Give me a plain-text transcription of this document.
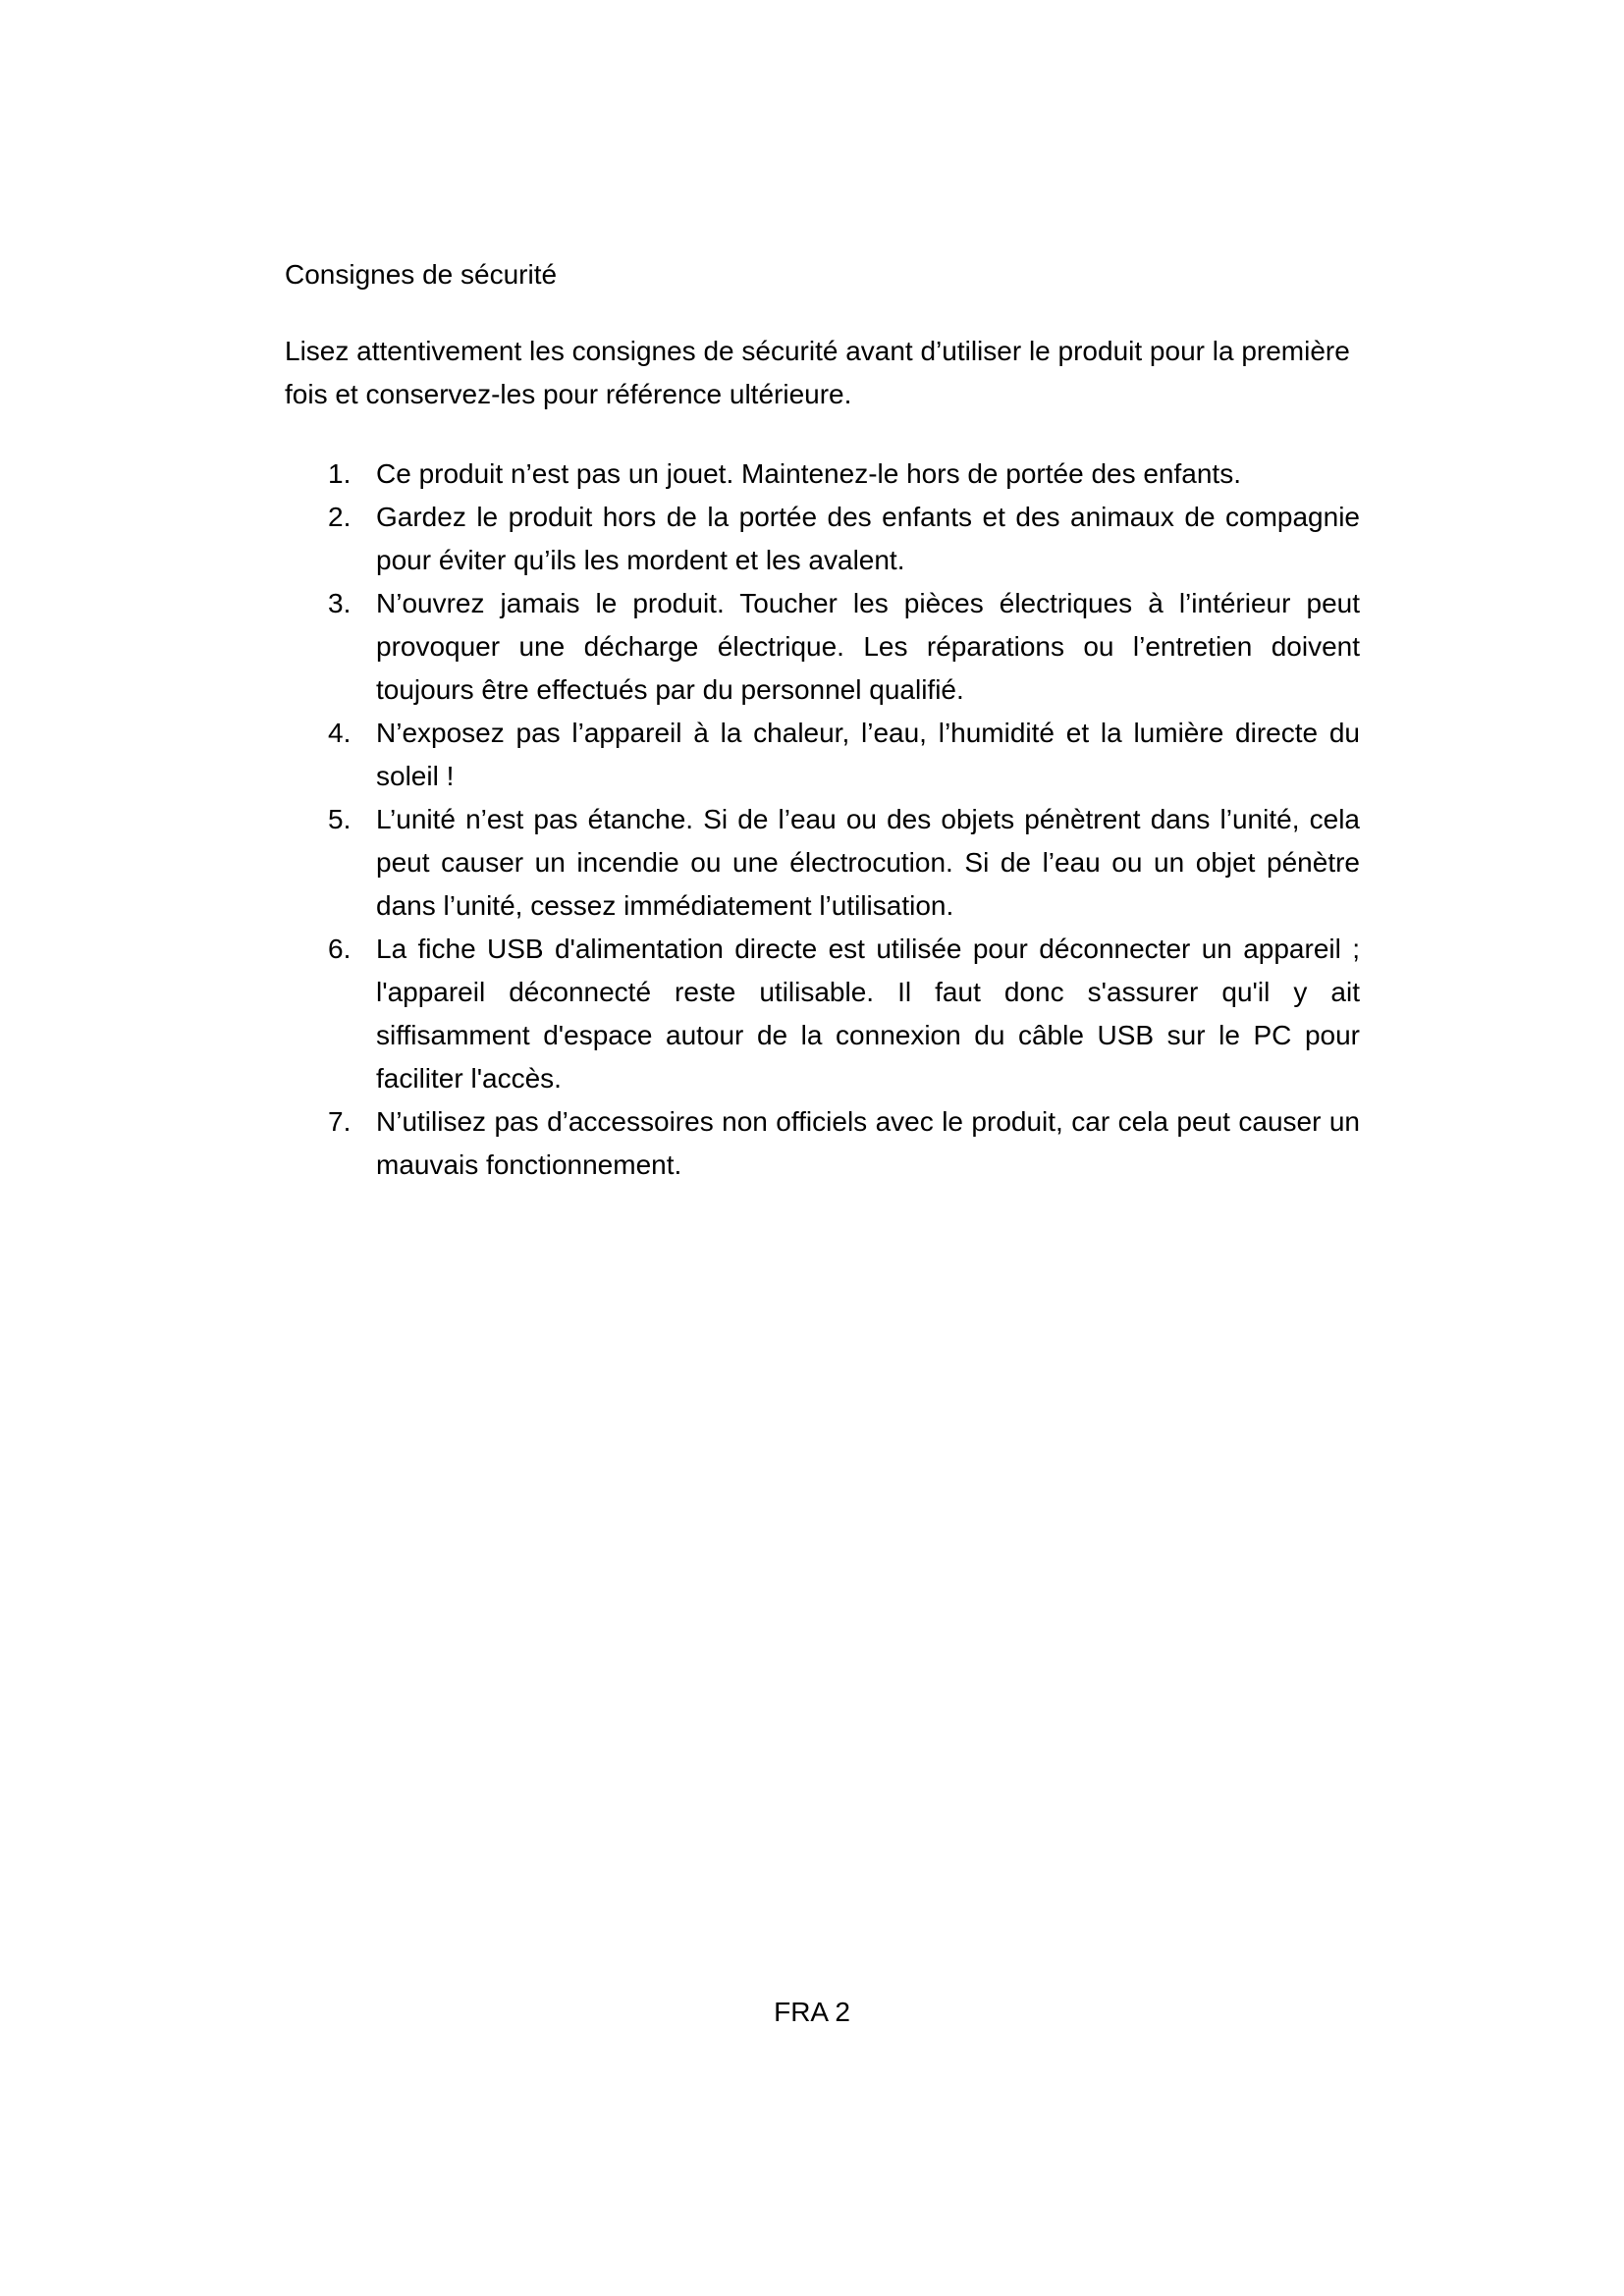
Consignes de sécurité

Lisez attentivement les consignes de sécurité avant d’utiliser le produit pour la première fois et conservez-les pour référence ultérieure.

1. Ce produit n’est pas un jouet. Maintenez-le hors de portée des enfants.
2. Gardez le produit hors de la portée des enfants et des animaux de compagnie pour éviter qu’ils les mordent et les avalent.
3. N’ouvrez jamais le produit. Toucher les pièces électriques à l’intérieur peut provoquer une décharge électrique. Les réparations ou l’entretien doivent toujours être effectués par du personnel qualifié.
4. N’exposez pas l’appareil à la chaleur, l’eau, l’humidité et la lumière directe du soleil !
5. L’unité n’est pas étanche. Si de l’eau ou des objets pénètrent dans l’unité, cela peut causer un incendie ou une électrocution. Si de l’eau ou un objet pénètre dans l’unité, cessez immédiatement l’utilisation.
6. La fiche USB d'alimentation directe est utilisée pour déconnecter un appareil ; l'appareil déconnecté reste utilisable. Il faut donc s'assurer qu'il y ait siffisamment d'espace autour de la connexion du câble USB sur le PC pour faciliter l'accès.
7. N’utilisez pas d’accessoires non officiels avec le produit, car cela peut causer un mauvais fonctionnement.
FRA 2
